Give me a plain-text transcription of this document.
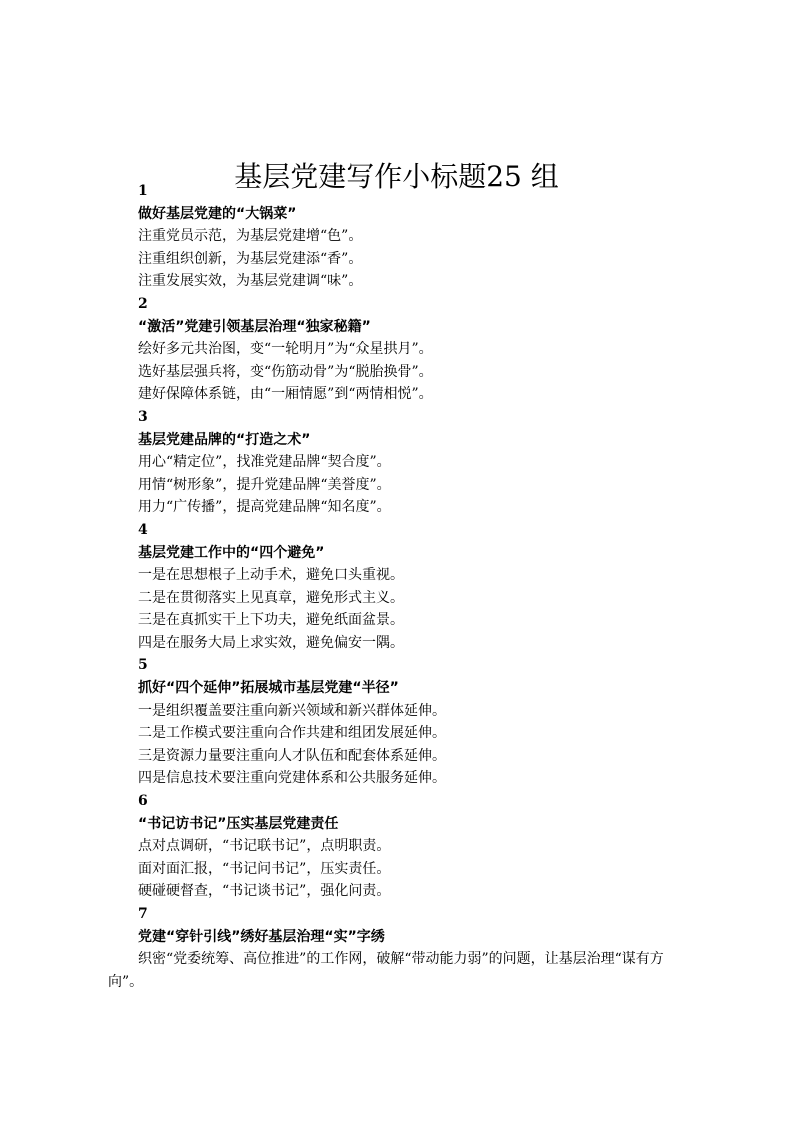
基层党建写作小标题25 组
1
做好基层党建的“大锅菜”
注重党员示范，为基层党建增“色”。
注重组织创新，为基层党建添“香”。
注重发展实效，为基层党建调“味”。
2
“激活”党建引领基层治理“独家秘籍”
绘好多元共治图，变“一轮明月”为“众星拱月”。
选好基层强兵将，变“伤筋动骨”为“脱胎换骨”。
建好保障体系链，由“一厢情愿”到“两情相悦”。
3
基层党建品牌的“打造之术”
用心“精定位”，找准党建品牌“契合度”。
用情“树形象”，提升党建品牌“美誉度”。
用力“广传播”，提高党建品牌“知名度”。
4
基层党建工作中的“四个避免”
一是在思想根子上动手术，避免口头重视。
二是在贯彻落实上见真章，避免形式主义。
三是在真抓实干上下功夫，避免纸面盆景。
四是在服务大局上求实效，避免偏安一隅。
5
抓好“四个延伸”拓展城市基层党建“半径”
一是组织覆盖要注重向新兴领域和新兴群体延伸。
二是工作模式要注重向合作共建和组团发展延伸。
三是资源力量要注重向人才队伍和配套体系延伸。
四是信息技术要注重向党建体系和公共服务延伸。
6
“书记访书记”压实基层党建责任
点对点调研，“书记联书记”，点明职责。
面对面汇报，“书记问书记”，压实责任。
硬碰硬督查，“书记谈书记”，强化问责。
7
党建“穿针引线”绣好基层治理“实”字绣
织密“党委统筹、高位推进”的工作网，破解“带动能力弱”的问题，让基层治理“谋有方向”。
